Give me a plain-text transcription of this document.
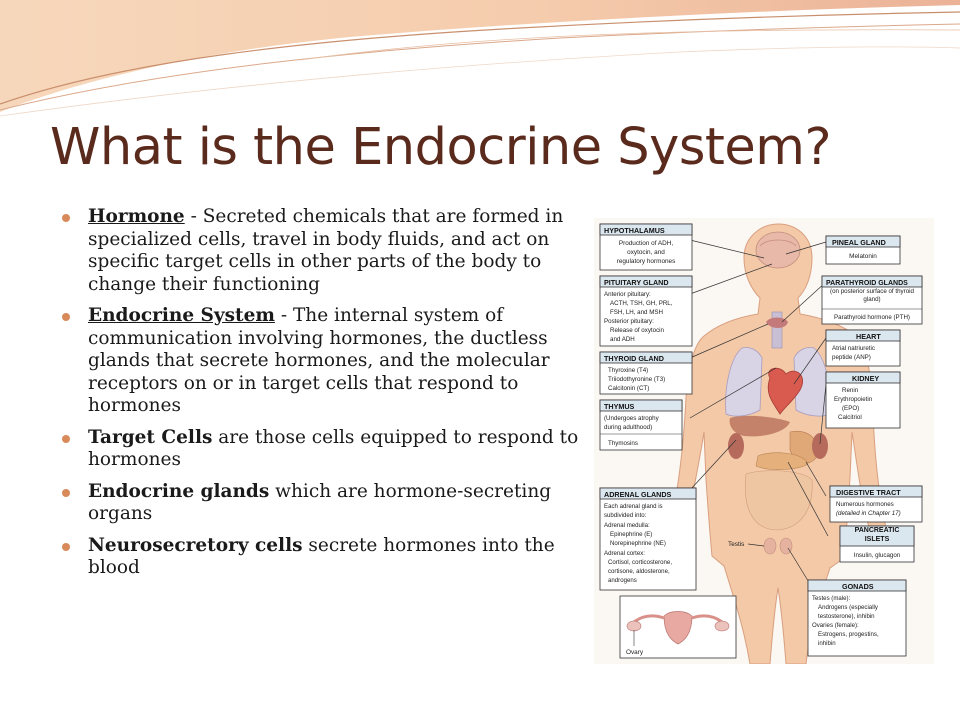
What is the Endocrine System?
Hormone - Secreted chemicals that are formed in specialized cells, travel in body fluids, and act on specific target cells in other parts of the body to change their functioning
Endocrine System - The internal system of communication involving hormones, the ductless glands that secrete hormones, and the molecular receptors on or in target cells that respond to hormones
Target Cells are those cells equipped to respond to hormones
Endocrine glands which are hormone-secreting organs
Neurosecretory cells secrete hormones into the blood
HYPOTHALAMUS
Production of ADH,
oxytocin, and
regulatory hormones
PITUITARY GLAND
Anterior pituitary:
ACTH, TSH, GH, PRL,
FSH, LH, and MSH
Posterior pituitary:
Release of oxytocin
and ADH
THYROID GLAND
Thyroxine (T4)
Triiodothyronine (T3)
Calcitonin (CT)
THYMUS
(Undergoes atrophy
during adulthood)
Thymosins
ADRENAL GLANDS
Each adrenal gland is
subdivided into:
Adrenal medulla:
Epinephrine (E)
Norepinephrine (NE)
Adrenal cortex:
Cortisol, corticosterone,
cortisone, aldosterone,
androgens
PINEAL GLAND
Melatonin
PARATHYROID GLANDS
(on posterior surface of thyroid gland)
Parathyroid hormone (PTH)
HEART
Atrial natriuretic
peptide (ANP)
KIDNEY
Renin
Erythropoietin
(EPO)
Calcitriol
DIGESTIVE TRACT
Numerous hormones
(detailed in Chapter 17)
PANCREATIC ISLETS
Insulin, glucagon
GONADS
Testes (male):
Androgens (especially
testosterone), inhibin
Ovaries (female):
Estrogens, progestins,
inhibin
Testis
Ovary
